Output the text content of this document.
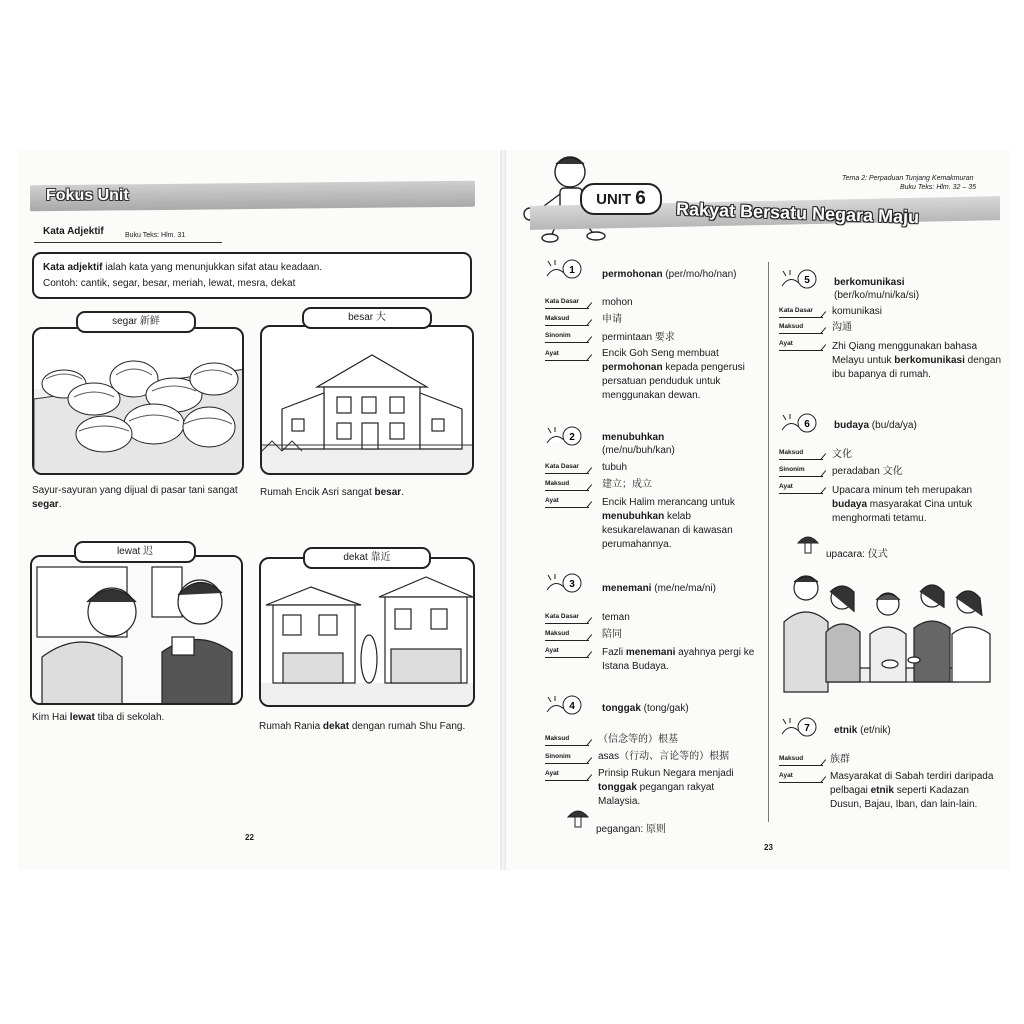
Fokus Unit
Kata Adjektif	Buku Teks: Hlm. 31
Kata adjektif ialah kata yang menunjukkan sifat atau keadaan.
Contoh: cantik, segar, besar, meriah, lewat, mesra, dekat
segar 新鲜
Sayur-sayuran yang dijual di pasar tani sangat segar.
besar 大
Rumah Encik Asri sangat besar.
lewat 迟
Kim Hai lewat tiba di sekolah.
dekat 靠近
Rumah Rania dekat dengan rumah Shu Fang.
22
Tema 2: Perpaduan Tunjang Kemakmuran
Buku Teks: Hlm. 32 – 35
UNIT 6
Rakyat Bersatu Negara Maju
1	permohonan (per/mo/ho/nan)
Kata Dasar	mohon
Maksud	申请
Sinonim	permintaan 要求
Ayat	Encik Goh Seng membuat permohonan kepada pengerusi persatuan penduduk untuk menggunakan dewan.
2	menubuhkan
(me/nu/buh/kan)
Kata Dasar	tubuh
Maksud	建立；成立
Ayat	Encik Halim merancang untuk menubuhkan kelab kesukarelawanan di kawasan perumahannya.
3	menemani (me/ne/ma/ni)
Kata Dasar	teman
Maksud	陪同
Ayat	Fazli menemani ayahnya pergi ke Istana Budaya.
4	tonggak (tong/gak)
Maksud	（信念等的）根基
Sinonim	asas（行动、言论等的）根据
Ayat	Prinsip Rukun Negara menjadi tonggak pegangan rakyat Malaysia.
pegangan: 原则
5 berkomunikasi
(ber/ko/mu/ni/ka/si)
Kata Dasar	komunikasi
Maksud	沟通
Ayat	Zhi Qiang menggunakan bahasa Melayu untuk berkomunikasi dengan ibu bapanya di rumah.
6 budaya (bu/da/ya)
Maksud	文化
Sinonim	peradaban 文化
Ayat	Upacara minum teh merupakan budaya masyarakat Cina untuk menghormati tetamu.
upacara: 仪式
7 etnik (et/nik)
Maksud	族群
Ayat	Masyarakat di Sabah terdiri daripada pelbagai etnik seperti Kadazan Dusun, Bajau, Iban, dan lain-lain.
23
